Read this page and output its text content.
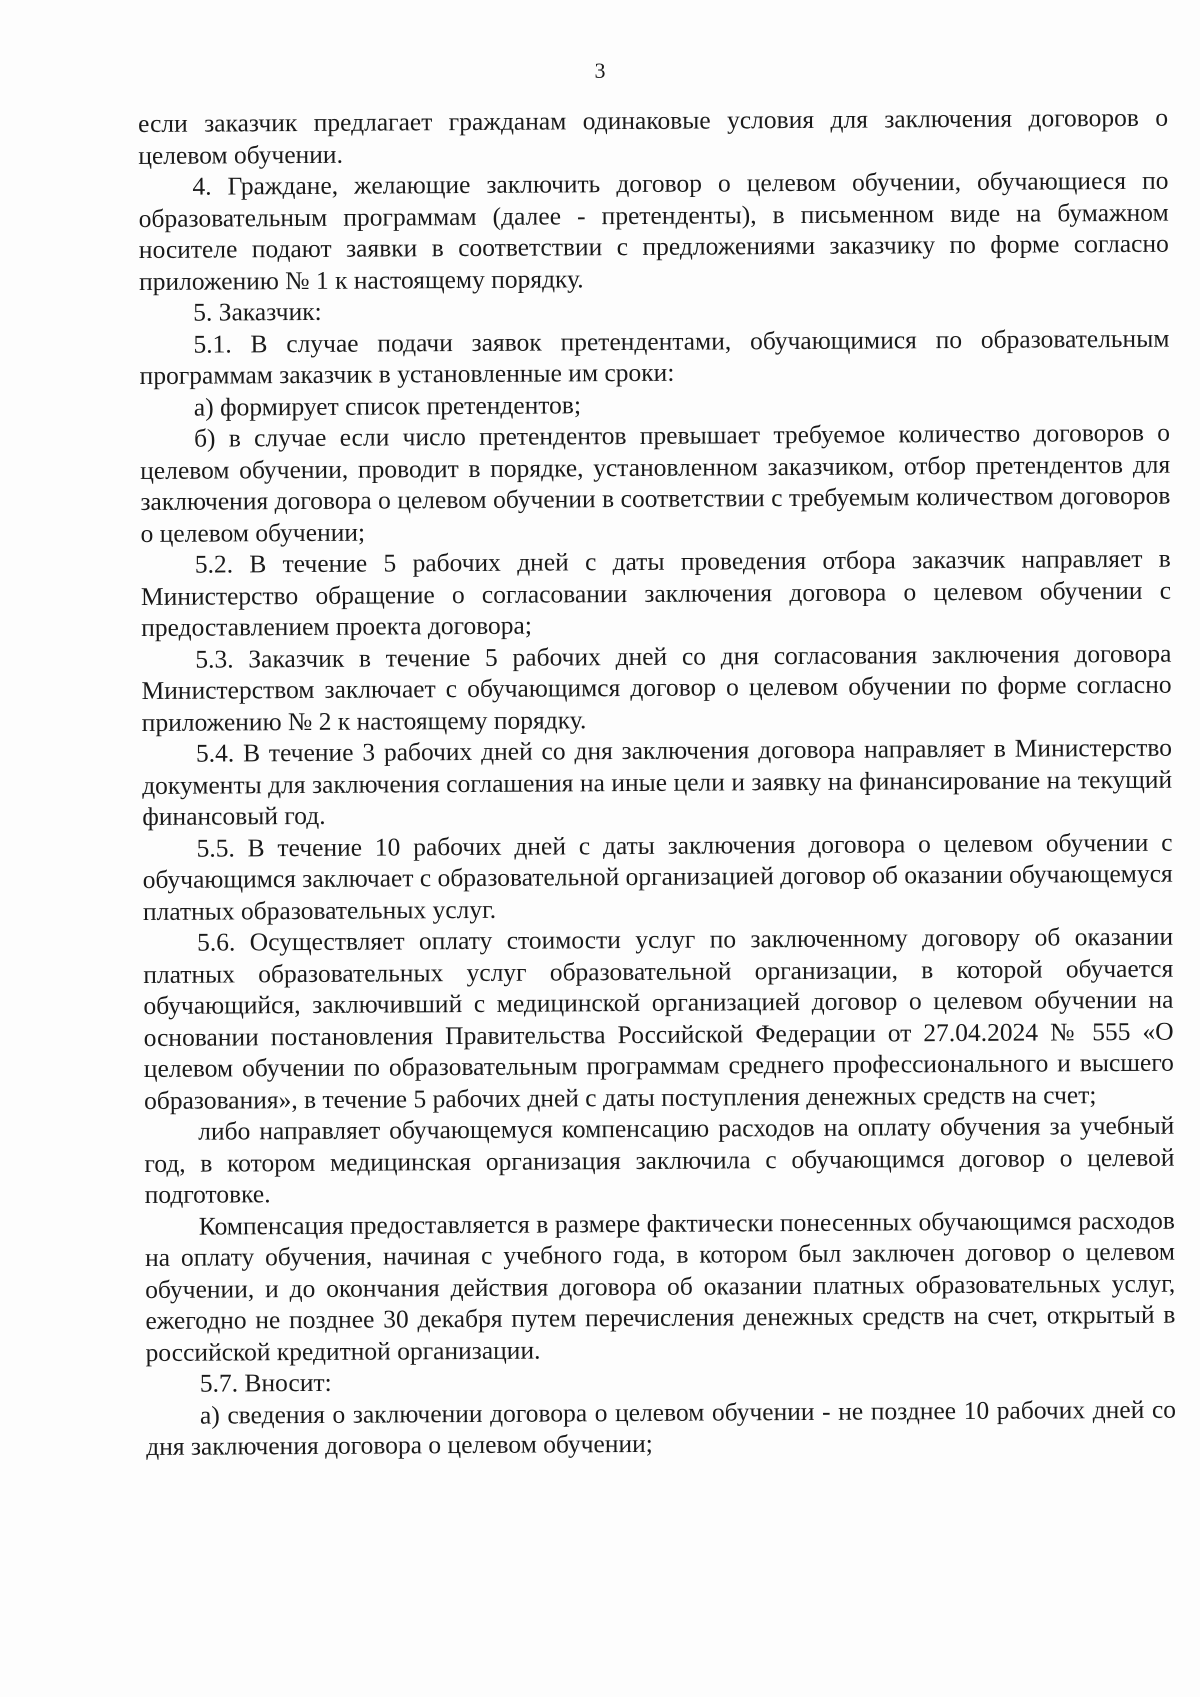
3

если заказчик предлагает гражданам одинаковые условия для заключения договоров о целевом обучении.

4. Граждане, желающие заключить договор о целевом обучении, обучающиеся по образовательным программам (далее - претенденты), в письменном виде на бумажном носителе подают заявки в соответствии с предложениями заказчику по форме согласно приложению № 1 к настоящему порядку.

5. Заказчик:

5.1. В случае подачи заявок претендентами, обучающимися по образовательным программам заказчик в установленные им сроки:

а) формирует список претендентов;

б) в случае если число претендентов превышает требуемое количество договоров о целевом обучении, проводит в порядке, установленном заказчиком, отбор претендентов для заключения договора о целевом обучении в соответствии с требуемым количеством договоров о целевом обучении;

5.2. В течение 5 рабочих дней с даты проведения отбора заказчик направляет в Министерство обращение о согласовании заключения договора о целевом обучении с предоставлением проекта договора;

5.3. Заказчик в течение 5 рабочих дней со дня согласования заключения договора Министерством заключает с обучающимся договор о целевом обучении по форме согласно приложению № 2 к настоящему порядку.

5.4. В течение 3 рабочих дней со дня заключения договора направляет в Министерство документы для заключения соглашения на иные цели и заявку на финансирование на текущий финансовый год.

5.5. В течение 10 рабочих дней с даты заключения договора о целевом обучении с обучающимся заключает с образовательной организацией договор об оказании обучающемуся платных образовательных услуг.

5.6. Осуществляет оплату стоимости услуг по заключенному договору об оказании платных образовательных услуг образовательной организации, в которой обучается обучающийся, заключивший с медицинской организацией договор о целевом обучении на основании постановления Правительства Российской Федерации от 27.04.2024 № 555 «О целевом обучении по образовательным программам среднего профессионального и высшего образования», в течение 5 рабочих дней с даты поступления денежных средств на счет;

либо направляет обучающемуся компенсацию расходов на оплату обучения за учебный год, в котором медицинская организация заключила с обучающимся договор о целевой подготовке.

Компенсация предоставляется в размере фактически понесенных обучающимся расходов на оплату обучения, начиная с учебного года, в котором был заключен договор о целевом обучении, и до окончания действия договора об оказании платных образовательных услуг, ежегодно не позднее 30 декабря путем перечисления денежных средств на счет, открытый в российской кредитной организации.

5.7. Вносит:

а) сведения о заключении договора о целевом обучении - не позднее 10 рабочих дней со дня заключения договора о целевом обучении;
